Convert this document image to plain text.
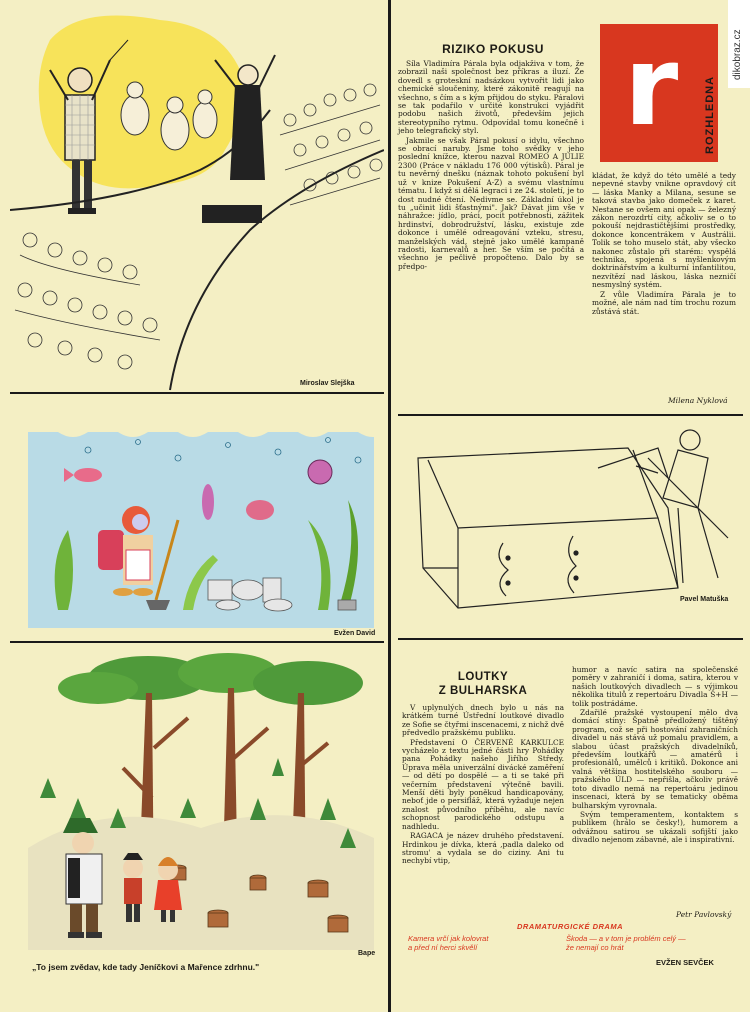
Miroslav Slejška
Evžen David
Bape
„To jsem zvědav, kde tady Jeníčkovi a Mařence zdrhnu."
r ROZHLEDNA
dikobraz.cz
RIZIKO POKUSU

Síla Vladimíra Párala byla odjakživa v tom, že zobrazil naši společnost bez příkras a iluzí. Že dovedl s groteskní nadsázkou vytvořit lidi jako chemické sloučeniny, které zákonitě reagují na všechno, s čím a s kým přijdou do styku. Páralovi se tak podařilo v určité konstrukci vyjádřit podobu našich životů, především jejich stereotypního rytmu. Odpovídal tomu konečně i jeho telegrafický styl.

Jakmile se však Páral pokusí o idylu, všechno se obrací naruby. Jsme toho svědky v jeho poslední knížce, kterou nazval ROMEO A JULIE 2300 (Práce v nákladu 176 000 výtisků). Páral je tu nevěrný dnešku (náznak tohoto pokušení byl už v knize Pokušení A-Z) a svému vlastnímu tématu. I když si dělá legraci i ze 24. století, je to dost nudné čtení. Nedivme se. Základní úkol je tu „učinit lidi šťastnými". Jak? Dávat jim vše v náhražce: jídlo, práci, pocit potřebnosti, zážitek hrdinství, dobrodružství, lásku, existuje zde dokonce i umělé odreagování vzteku, stresu, manželských vád, stejně jako umělé kampaně radosti, karnevalů a her. Se vším se počítá a všechno je pečlivě propočteno. Dalo by se předpo-

kládat, že když do této umělé a tedy nepevné stavby vnikne opravdový cit — láska Manky a Milana, sesune se taková stavba jako domeček z karet. Nestane se ovšem ani opak — železný zákon nerozdrtí city, ačkoliv se o to pokouší nejdrastičtějšími prostředky, dokonce koncentrákem v Austrálii. Tolik se toho muselo stát, aby všecko nakonec zůstalo při starém: vyspělá technika, spojená s myšlenkovým doktrinářstvím a kulturní infantilitou, nezvítězí nad láskou, láska nezničí nesmyslný systém.

Z vůle Vladimíra Párala je to možné, ale nám nad tím trochu rozum zůstává stát.

Milena Nyklová
Pavel Matuška
LOUTKY
Z BULHARSKA

V uplynulých dnech bylo u nás na krátkém turné Ústřední loutkové divadlo ze Sofie se čtyřmi inscenacemi, z nichž dvě předvedlo pražskému publiku.

Představení O ČERVENÉ KARKULCE vycházelo z textu jedné části hry Pohádky pana Pohádky našeho Jiřího Středy. Úprava měla univerzální divácké zaměření — od dětí po dospělé — a ti se také při večerním představení výtečně bavili. Menší děti byly poněkud handicapovány, neboť jde o persifláž, která vyžaduje nejen znalost původního příběhu, ale navíc schopnost parodického odstupu a nadhledu.

RAGACA je název druhého představení. Hrdinkou je dívka, která ‚padla daleko od stromu' a vydala se do ciziny. Ani tu nechybí vtip,

humor a navíc satira na společenské poměry v zahraničí i doma, satira, kterou v našich loutkových divadlech — s výjimkou několika titulů z repertoáru Divadla S+H — tolik postrádáme.

Zdařilé pražské vystoupení mělo dva domácí stíny: Špatně předložený tištěný program, což se při hostování zahraničních divadel u nás stává už pomalu pravidlem, a slabou účast pražských divadelníků, především loutkářů — amatérů i profesionálů, umělců i kritiků. Dokonce ani valná většina hostitelského souboru — pražského ÚLD — nepřišla, ačkoliv právě toto divadlo nemá na repertoáru jedinou inscenaci, která by se tematicky oběma bulharským vyrovnala.

Svým temperamentem, kontaktem s publikem (hrálo se česky!), humorem a odvážnou satirou se ukázali sofijští jako divadlo nejenom zábavné, ale i inspirativní.

Petr Pavlovský
DRAMATURGICKÉ DRAMA
Kamera vrčí jak kolovrat
a před ní herci skvělí
Škoda — a v tom je problém celý —
že nemají co hrát
EVŽEN SEVČEK
